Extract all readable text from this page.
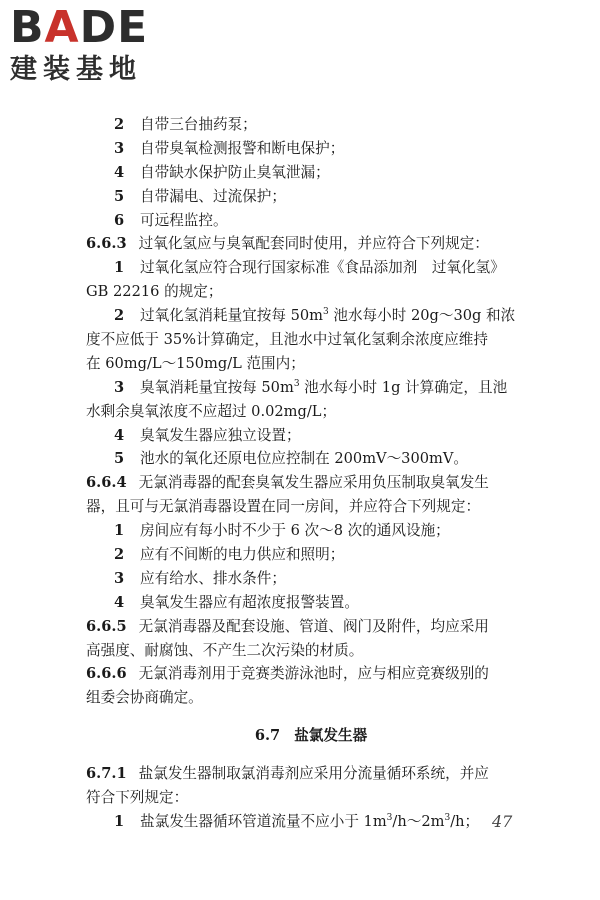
BADE
建装基地
2 自带三台抽药泵；
3 自带臭氧检测报警和断电保护；
4 自带缺水保护防止臭氧泄漏；
5 自带漏电、过流保护；
6 可远程监控。
6.6.3 过氧化氢应与臭氧配套同时使用，并应符合下列规定：
1 过氧化氢应符合现行国家标准《食品添加剂　过氧化氢》
GB 22216 的规定；
2 过氧化氢消耗量宜按每 $50m^3$ 池水每小时 20g～30g 和浓
度不应低于 35%计算确定，且池水中过氧化氢剩余浓度应维持
在 60mg/L～150mg/L 范围内；
3 臭氧消耗量宜按每 $50m^3$ 池水每小时 1g 计算确定，且池
水剩余臭氧浓度不应超过 0.02mg/L；
4 臭氧发生器应独立设置；
5 池水的氧化还原电位应控制在 200mV～300mV。
6.6.4 无氯消毒器的配套臭氧发生器应采用负压制取臭氧发生
器，且可与无氯消毒器设置在同一房间，并应符合下列规定：
1 房间应有每小时不少于 6 次～8 次的通风设施；
2 应有不间断的电力供应和照明；
3 应有给水、排水条件；
4 臭氧发生器应有超浓度报警装置。
6.6.5 无氯消毒器及配套设施、管道、阀门及附件，均应采用
高强度、耐腐蚀、不产生二次污染的材质。
6.6.6 无氯消毒剂用于竞赛类游泳池时，应与相应竞赛级别的
组委会协商确定。
6.7 盐氯发生器
6.7.1 盐氯发生器制取氯消毒剂应采用分流量循环系统，并应
符合下列规定：
1 盐氯发生器循环管道流量不应小于 $1m^3/h\sim 2m^3/h$； 47
